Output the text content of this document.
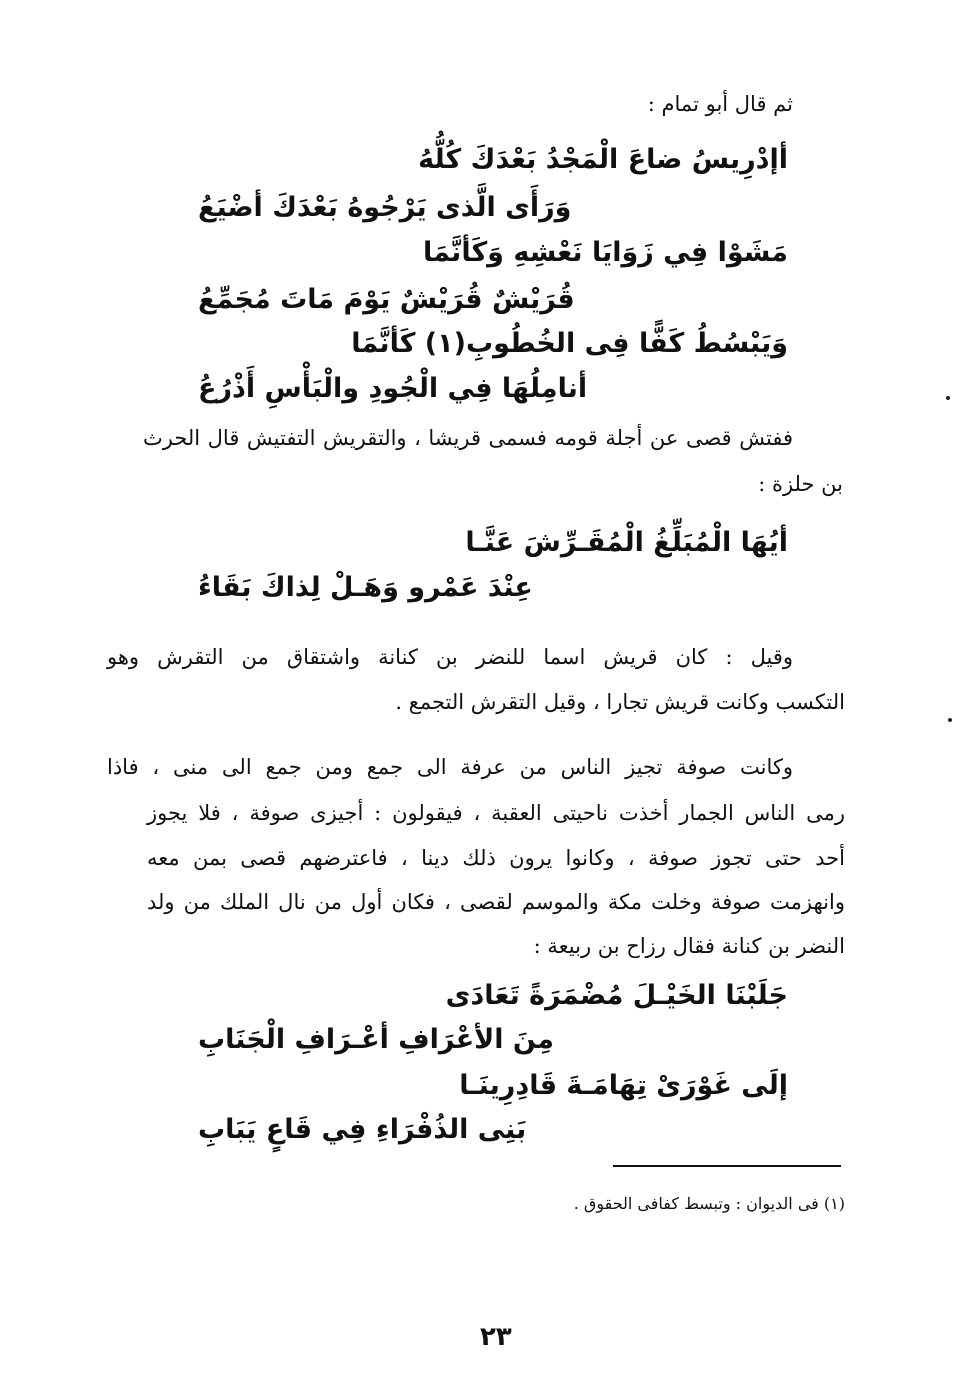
ثم قال أبو تمام :
أإدْرِيسُ ضاعَ الْمَجْدُ بَعْدَكَ كُلُّهُ
وَرَأَى الَّذى يَرْجُوهُ بَعْدَكَ أضْيَعُ
مَشَوْا فِي زَوَايَا نَعْشِهِ وَكَأنَّمَا
قُرَيْشٌ قُرَيْشٌ يَوْمَ مَاتَ مُجَمِّعُ
وَيَبْسُطُ كَفًّا فِى الخُطُوبِ(١) كَأنَّمَا
أنامِلُهَا فِي الْجُودِ والْبَأْسِ أَذْرُعُ
ففتش قصى عن أجلة قومه فسمى قريشا ، والتقريش التفتيش قال الحرث
بن حلزة :
أيُهَا الْمُبَلِّغُ الْمُقَـرِّشَ عَنَّـا
عِنْدَ عَمْرو وَهَـلْ لِذاكَ بَقَاءُ
وقيل : كان قريش اسما للنضر بن كنانة واشتقاق من التقرش وهو
التكسب وكانت قريش تجارا ، وقيل التقرش التجمع .
وكانت صوفة تجيز الناس من عرفة الى جمع ومن جمع الى منى ، فاذا
رمى الناس الجمار أخذت ناحيتى العقبة ، فيقولون : أجيزى صوفة ، فلا يجوز
أحد حتى تجوز صوفة ، وكانوا يرون ذلك دينا ، فاعترضهم قصى بمن معه
وانهزمت صوفة وخلت مكة والموسم لقصى ، فكان أول من نال الملك من ولد
النضر بن كنانة فقال رزاح بن ربيعة :
جَلَبْنَا الخَيْـلَ مُضْمَرَةً تَعَادَى
مِنَ الأعْرَافِ أعْـرَافِ الْجَنَابِ
إلَى غَوْرَىْ تِهَامَـةَ قَادِرِينَـا
بَنِى الذُفْرَاءِ فِي قَاعٍ يَبَابِ
(١) فى الديوان : وتبسط كفافى الحقوق .
٢٣
